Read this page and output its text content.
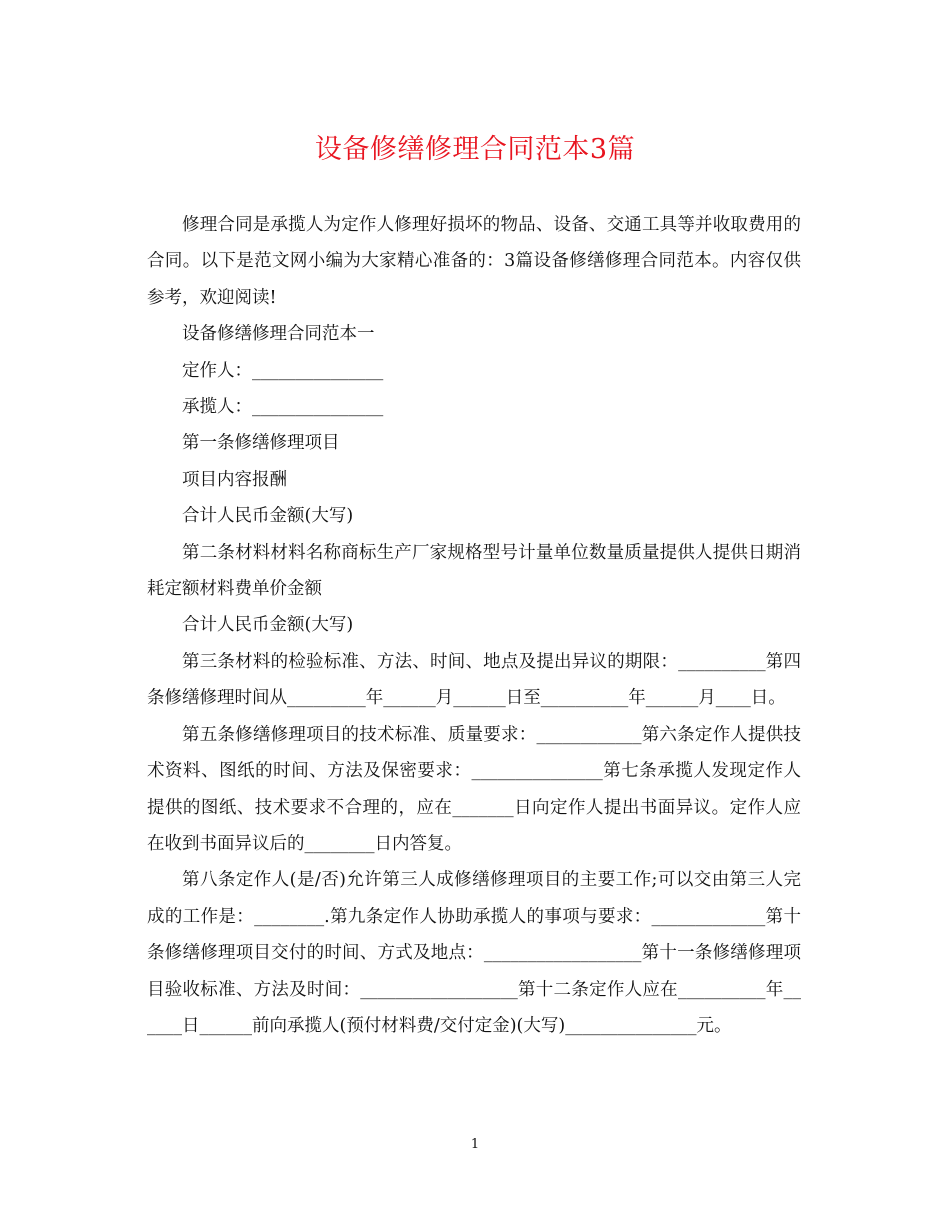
设备修缮修理合同范本3篇

修理合同是承揽人为定作人修理好损坏的物品、设备、交通工具等并收取费用的合同。以下是范文网小编为大家精心准备的：3篇设备修缮修理合同范本。内容仅供参考，欢迎阅读!

设备修缮修理合同范本一

定作人：_______________

承揽人：_______________

第一条修缮修理项目

项目内容报酬

合计人民币金额(大写)

第二条材料材料名称商标生产厂家规格型号计量单位数量质量提供人提供日期消耗定额材料费单价金额

合计人民币金额(大写)

第三条材料的检验标准、方法、时间、地点及提出异议的期限：__________第四条修缮修理时间从_________年______月______日至__________年______月____日。

第五条修缮修理项目的技术标准、质量要求：____________第六条定作人提供技术资料、图纸的时间、方法及保密要求：_______________第七条承揽人发现定作人提供的图纸、技术要求不合理的，应在_______日向定作人提出书面异议。定作人应在收到书面异议后的________日内答复。

第八条定作人(是/否)允许第三人成修缮修理项目的主要工作;可以交由第三人完成的工作是：________.第九条定作人协助承揽人的事项与要求：_____________第十条修缮修理项目交付的时间、方式及地点：__________________第十一条修缮修理项目验收标准、方法及时间：__________________第十二条定作人应在__________年______日______前向承揽人(预付材料费/交付定金)(大写)_______________元。

1
